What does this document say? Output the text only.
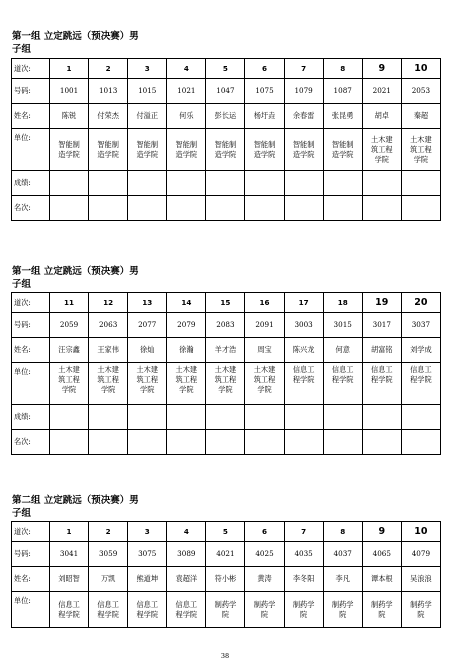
第一组 立定跳远（预决赛）男
子组
道次:	1	2	3	4	5	6	7	8	9	10
号码:	1001	1013	1015	1021	1047	1075	1079	1087	2021	2053
姓名:	陈锐	付荣杰	付溢正	何乐	彭长运	杨圩垚	余春雷	张昆勇	胡卓	秦超
单位:	智能制造学院	智能制造学院	智能制造学院	智能制造学院	智能制造学院	智能制造学院	智能制造学院	智能制造学院	土木建筑工程学院	土木建筑工程学院

成绩:										
名次:										
第一组 立定跳远（预决赛）男
子组
道次:	11	12	13	14	15	16	17	18	19	20
号码:	2059	2063	2077	2079	2083	2091	3003	3015	3017	3037
姓名:	汪宗鑫	王家伟	徐灿	徐瀚	羊才浩	周宝	陈兴龙	何意	胡富铭	刘学成
单位:	土木建筑工程学院	土木建筑工程学院	土木建筑工程学院	土木建筑工程学院	土木建筑工程学院	土木建筑工程学院	信息工程学院	信息工程学院	信息工程学院	信息工程学院

成绩:										
名次:										
第二组 立定跳远（预决赛）男
子组
道次:	1	2	3	4	5	6	7	8	9	10
号码:	3041	3059	3075	3089	4021	4025	4035	4037	4065	4079
姓名:	刘昭智	万凯	熊道坤	袁超洋	符小彬	黄涛	李冬阳	李凡	谭本根	吴浪浪
单位:	信息工程学院	信息工程学院	信息工程学院	信息工程学院	制药学院	制药学院	制药学院	制药学院	制药学院	制药学院
38
